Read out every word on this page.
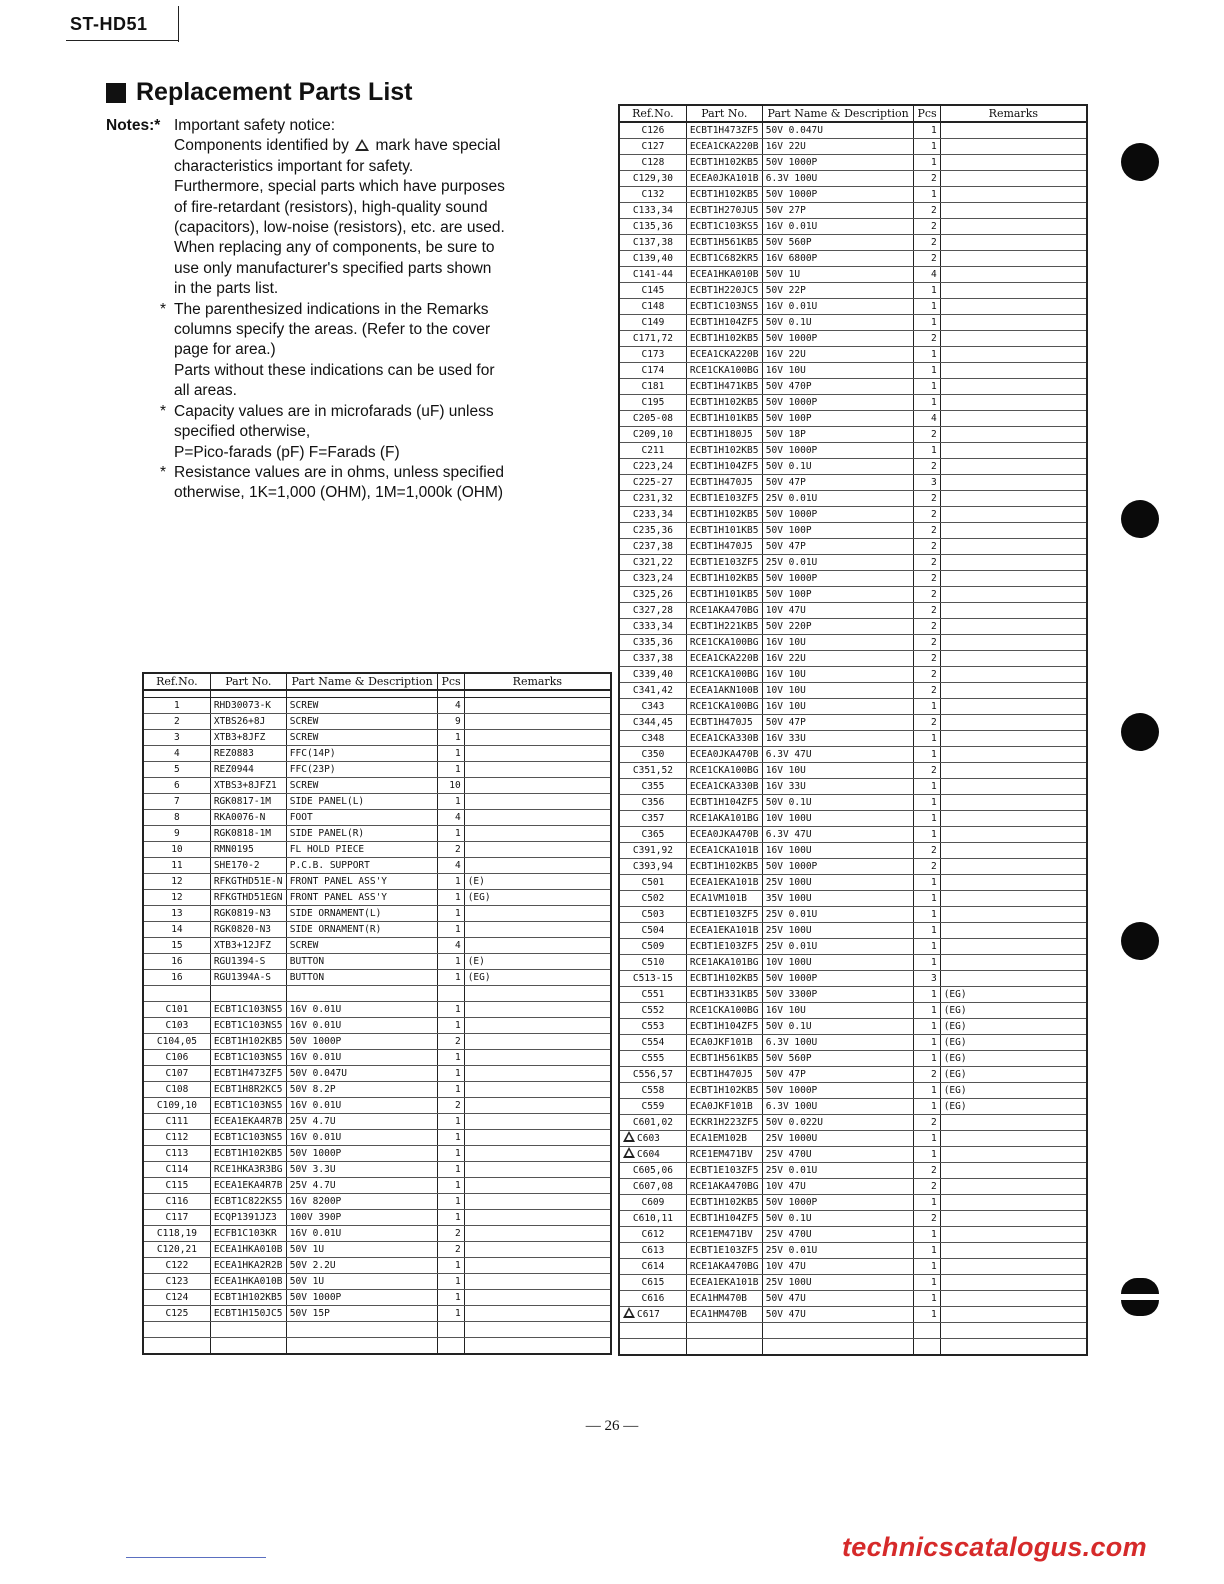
ST-HD51
Replacement Parts List
Notes:* Important safety notice:
Components identified by  mark have special
characteristics important for safety.
Furthermore, special parts which have purposes
of fire-retardant (resistors), high-quality sound
(capacitors), low-noise (resistors), etc. are used.
When replacing any of components, be sure to
use only manufacturer's specified parts shown
in the parts list.
* The parenthesized indications in the Remarks
columns specify the areas. (Refer to the cover
page for area.)
Parts without these indications can be used for
all areas.
* Capacity values are in microfarads (uF) unless
specified otherwise,
P=Pico-farads (pF) F=Farads (F)
* Resistance values are in ohms, unless specified
otherwise, 1K=1,000 (OHM), 1M=1,000k (OHM)
Ref.No.	Part No.	Part Name & Description	Pcs	Remarks

1	RHD30073-K	SCREW	4	
2	XTBS26+8J	SCREW	9	
3	XTB3+8JFZ	SCREW	1	
4	REZ0883	FFC(14P)	1	
5	REZ0944	FFC(23P)	1	
6	XTBS3+8JFZ1	SCREW	10	
7	RGK0817-1M	SIDE PANEL(L)	1	
8	RKA0076-N	FOOT	4	
9	RGK0818-1M	SIDE PANEL(R)	1	
10	RMN0195	FL HOLD PIECE	2	
11	SHE170-2	P.C.B. SUPPORT	4	
12	RFKGTHD51E-N	FRONT PANEL ASS'Y	1	(E)
12	RFKGTHD51EGN	FRONT PANEL ASS'Y	1	(EG)
13	RGK0819-N3	SIDE ORNAMENT(L)	1	
14	RGK0820-N3	SIDE ORNAMENT(R)	1	
15	XTB3+12JFZ	SCREW	4	
16	RGU1394-S	BUTTON	1	(E)
16	RGU1394A-S	BUTTON	1	(EG)

C101	ECBT1C103NS5	16V 0.01U	1	
C103	ECBT1C103NS5	16V 0.01U	1	
C104,05	ECBT1H102KB5	50V 1000P	2	
C106	ECBT1C103NS5	16V 0.01U	1	
C107	ECBT1H473ZF5	50V 0.047U	1	
C108	ECBT1H8R2KC5	50V 8.2P	1	
C109,10	ECBT1C103NS5	16V 0.01U	2	
C111	ECEA1EKA4R7B	25V 4.7U	1	
C112	ECBT1C103NS5	16V 0.01U	1	
C113	ECBT1H102KB5	50V 1000P	1	
C114	RCE1HKA3R3BG	50V 3.3U	1	
C115	ECEA1EKA4R7B	25V 4.7U	1	
C116	ECBT1C822KS5	16V 8200P	1	
C117	ECQP1391JZ3	100V 390P	1	
C118,19	ECFB1C103KR	16V 0.01U	2	
C120,21	ECEA1HKA010B	50V 1U	2	
C122	ECEA1HKA2R2B	50V 2.2U	1	
C123	ECEA1HKA010B	50V 1U	1	
C124	ECBT1H102KB5	50V 1000P	1	
C125	ECBT1H150JC5	50V 15P	1	

Ref.No.	Part No.	Part Name & Description	Pcs	Remarks
C126	ECBT1H473ZF5	50V 0.047U	1	
C127	ECEA1CKA220B	16V 22U	1	
C128	ECBT1H102KB5	50V 1000P	1	
C129,30	ECEA0JKA101B	6.3V 100U	2	
C132	ECBT1H102KB5	50V 1000P	1	
C133,34	ECBT1H270JU5	50V 27P	2	
C135,36	ECBT1C103KS5	16V 0.01U	2	
C137,38	ECBT1H561KB5	50V 560P	2	
C139,40	ECBT1C682KR5	16V 6800P	2	
C141-44	ECEA1HKA010B	50V 1U	4	
C145	ECBT1H220JC5	50V 22P	1	
C148	ECBT1C103NS5	16V 0.01U	1	
C149	ECBT1H104ZF5	50V 0.1U	1	
C171,72	ECBT1H102KB5	50V 1000P	2	
C173	ECEA1CKA220B	16V 22U	1	
C174	RCE1CKA100BG	16V 10U	1	
C181	ECBT1H471KB5	50V 470P	1	
C195	ECBT1H102KB5	50V 1000P	1	
C205-08	ECBT1H101KB5	50V 100P	4	
C209,10	ECBT1H180J5	50V 18P	2	
C211	ECBT1H102KB5	50V 1000P	1	
C223,24	ECBT1H104ZF5	50V 0.1U	2	
C225-27	ECBT1H470J5	50V 47P	3	
C231,32	ECBT1E103ZF5	25V 0.01U	2	
C233,34	ECBT1H102KB5	50V 1000P	2	
C235,36	ECBT1H101KB5	50V 100P	2	
C237,38	ECBT1H470J5	50V 47P	2	
C321,22	ECBT1E103ZF5	25V 0.01U	2	
C323,24	ECBT1H102KB5	50V 1000P	2	
C325,26	ECBT1H101KB5	50V 100P	2	
C327,28	RCE1AKA470BG	10V 47U	2	
C333,34	ECBT1H221KB5	50V 220P	2	
C335,36	RCE1CKA100BG	16V 10U	2	
C337,38	ECEA1CKA220B	16V 22U	2	
C339,40	RCE1CKA100BG	16V 10U	2	
C341,42	ECEA1AKN100B	10V 10U	2	
C343	RCE1CKA100BG	16V 10U	1	
C344,45	ECBT1H470J5	50V 47P	2	
C348	ECEA1CKA330B	16V 33U	1	
C350	ECEA0JKA470B	6.3V 47U	1	
C351,52	RCE1CKA100BG	16V 10U	2	
C355	ECEA1CKA330B	16V 33U	1	
C356	ECBT1H104ZF5	50V 0.1U	1	
C357	RCE1AKA101BG	10V 100U	1	
C365	ECEA0JKA470B	6.3V 47U	1	
C391,92	ECEA1CKA101B	16V 100U	2	
C393,94	ECBT1H102KB5	50V 1000P	2	
C501	ECEA1EKA101B	25V 100U	1	
C502	ECA1VM101B	35V 100U	1	
C503	ECBT1E103ZF5	25V 0.01U	1	
C504	ECEA1EKA101B	25V 100U	1	
C509	ECBT1E103ZF5	25V 0.01U	1	
C510	RCE1AKA101BG	10V 100U	1	
C513-15	ECBT1H102KB5	50V 1000P	3	
C551	ECBT1H331KB5	50V 3300P	1	(EG)
C552	RCE1CKA100BG	16V 10U	1	(EG)
C553	ECBT1H104ZF5	50V 0.1U	1	(EG)
C554	ECA0JKF101B	6.3V 100U	1	(EG)
C555	ECBT1H561KB5	50V 560P	1	(EG)
C556,57	ECBT1H470J5	50V 47P	2	(EG)
C558	ECBT1H102KB5	50V 1000P	1	(EG)
C559	ECA0JKF101B	6.3V 100U	1	(EG)
C601,02	ECKR1H223ZF5	50V 0.022U	2	
C603	ECA1EM102B	25V 1000U	1	
C604	RCE1EM471BV	25V 470U	1	
C605,06	ECBT1E103ZF5	25V 0.01U	2	
C607,08	RCE1AKA470BG	10V 47U	2	
C609	ECBT1H102KB5	50V 1000P	1	
C610,11	ECBT1H104ZF5	50V 0.1U	2	
C612	RCE1EM471BV	25V 470U	1	
C613	ECBT1E103ZF5	25V 0.01U	1	
C614	RCE1AKA470BG	10V 47U	1	
C615	ECEA1EKA101B	25V 100U	1	
C616	ECA1HM470B	50V 47U	1	
C617	ECA1HM470B	50V 47U	1	

— 26 —
technicscatalogus.com
